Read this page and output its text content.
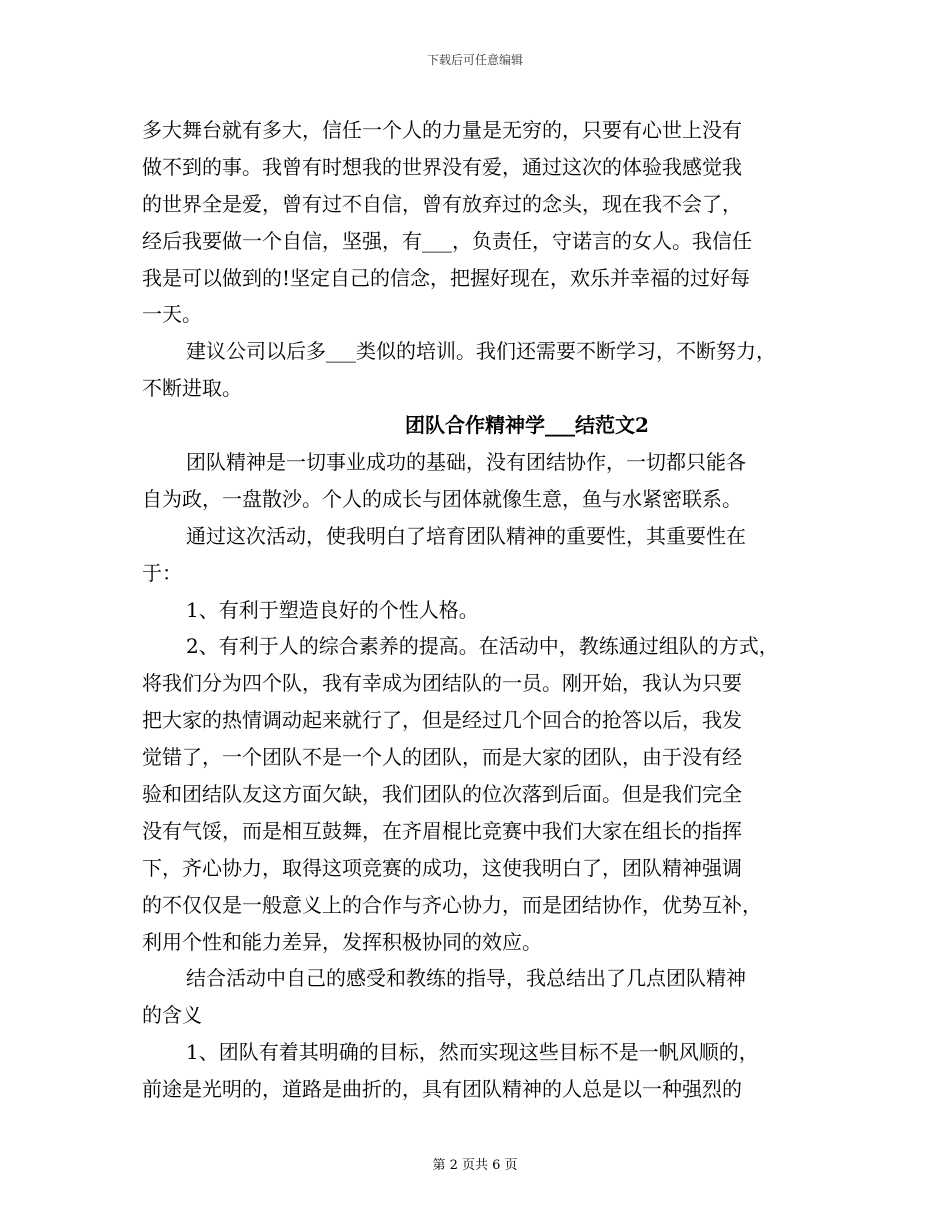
下载后可任意编辑
多大舞台就有多大，信任一个人的力量是无穷的，只要有心世上没有
做不到的事。我曾有时想我的世界没有爱，通过这次的体验我感觉我
的世界全是爱，曾有过不自信，曾有放弃过的念头，现在我不会了，
经后我要做一个自信，坚强，有___，负责任，守诺言的女人。我信任
我是可以做到的!坚定自己的信念，把握好现在，欢乐并幸福的过好每
一天。
建议公司以后多___类似的培训。我们还需要不断学习，不断努力，
不断进取。
团队合作精神学___结范文2
团队精神是一切事业成功的基础，没有团结协作，一切都只能各
自为政，一盘散沙。个人的成长与团体就像生意，鱼与水紧密联系。
通过这次活动，使我明白了培育团队精神的重要性，其重要性在
于：
1、有利于塑造良好的个性人格。
2、有利于人的综合素养的提高。在活动中，教练通过组队的方式，
将我们分为四个队，我有幸成为团结队的一员。刚开始，我认为只要
把大家的热情调动起来就行了，但是经过几个回合的抢答以后，我发
觉错了，一个团队不是一个人的团队，而是大家的团队，由于没有经
验和团结队友这方面欠缺，我们团队的位次落到后面。但是我们完全
没有气馁，而是相互鼓舞，在齐眉棍比竞赛中我们大家在组长的指挥
下，齐心协力，取得这项竞赛的成功，这使我明白了，团队精神强调
的不仅仅是一般意义上的合作与齐心协力，而是团结协作，优势互补，
利用个性和能力差异，发挥积极协同的效应。
结合活动中自己的感受和教练的指导，我总结出了几点团队精神
的含义
1、团队有着其明确的目标，然而实现这些目标不是一帆风顺的，
前途是光明的，道路是曲折的，具有团队精神的人总是以一种强烈的
第 2 页共 6 页
